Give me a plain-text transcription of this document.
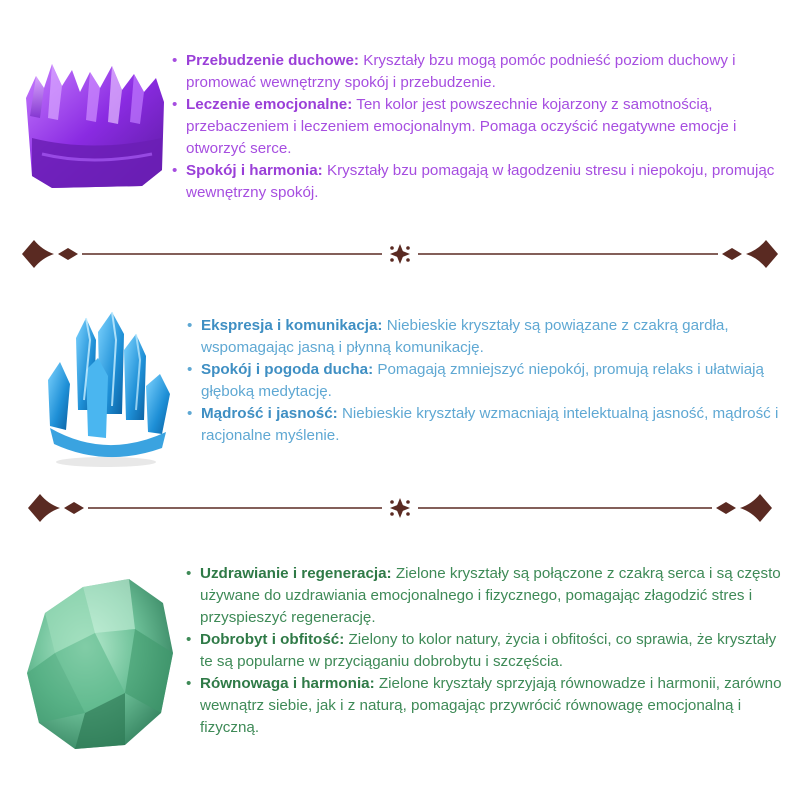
• Przebudzenie duchowe: Kryształy bzu mogą pomóc podnieść poziom duchowy i promować wewnętrzny spokój i przebudzenie.
• Leczenie emocjonalne: Ten kolor jest powszechnie kojarzony z samotnością, przebaczeniem i leczeniem emocjonalnym. Pomaga oczyścić negatywne emocje i otworzyć serce.
• Spokój i harmonia: Kryształy bzu pomagają w łagodzeniu stresu i niepokoju, promując wewnętrzny spokój.
• Ekspresja i komunikacja: Niebieskie kryształy są powiązane z czakrą gardła, wspomagając jasną i płynną komunikację.
• Spokój i pogoda ducha: Pomagają zmniejszyć niepokój, promują relaks i ułatwiają głęboką medytację.
• Mądrość i jasność: Niebieskie kryształy wzmacniają intelektualną jasność, mądrość i racjonalne myślenie.
• Uzdrawianie i regeneracja: Zielone kryształy są połączone z czakrą serca i są często używane do uzdrawiania emocjonalnego i fizycznego, pomagając złagodzić stres i przyspieszyć regenerację.
• Dobrobyt i obfitość: Zielony to kolor natury, życia i obfitości, co sprawia, że kryształy te są popularne w przyciąganiu dobrobytu i szczęścia.
• Równowaga i harmonia: Zielone kryształy sprzyjają równowadze i harmonii, zarówno wewnątrz siebie, jak i z naturą, pomagając przywrócić równowagę emocjonalną i fizyczną.
